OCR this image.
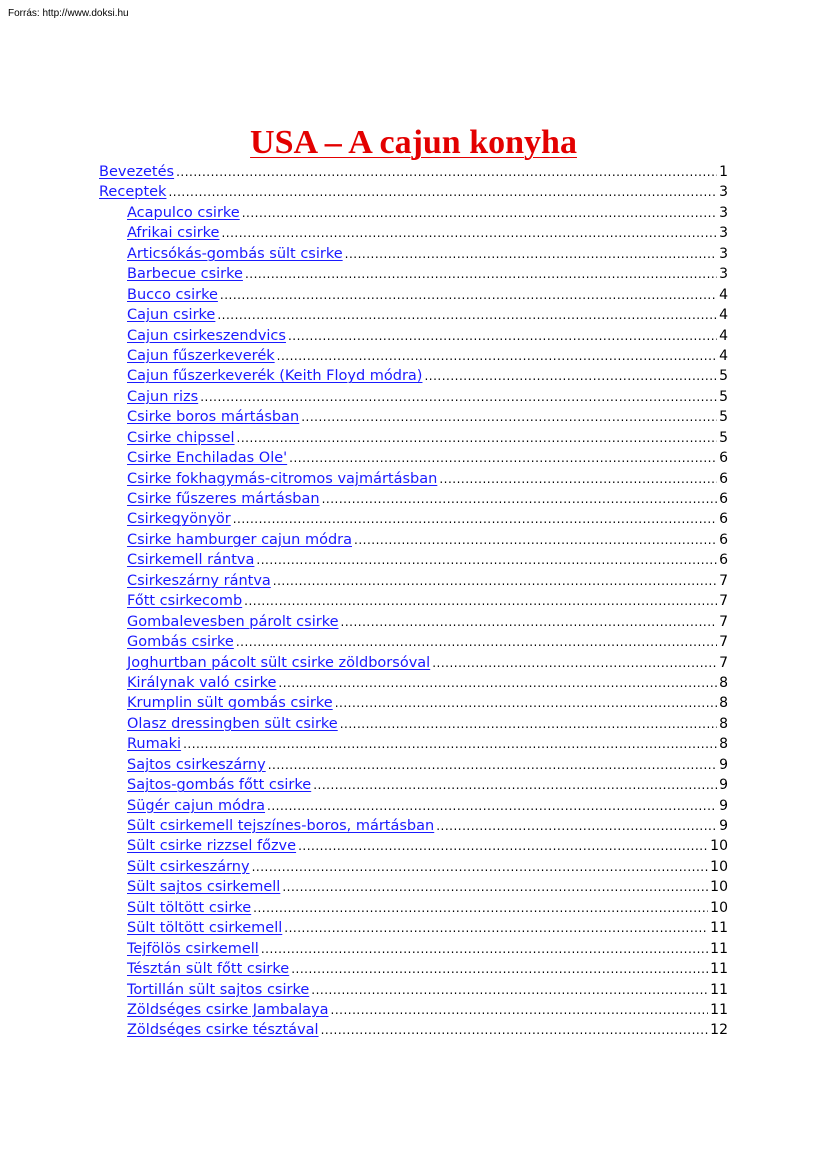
Forrás: http://www.doksi.hu
USA – A cajun konyha
Bevezetés .....	1
Receptek .....	3
Acapulco csirke .....	3
Afrikai csirke .....	3
Articsókás-gombás sült csirke .....	3
Barbecue csirke .....	3
Bucco csirke .....	4
Cajun csirke .....	4
Cajun csirkeszendvics .....	4
Cajun fűszerkeverék .....	4
Cajun fűszerkeverék (Keith Floyd módra) .....	5
Cajun rizs .....	5
Csirke boros mártásban .....	5
Csirke chipssel .....	5
Csirke Enchiladas Ole' .....	6
Csirke fokhagymás-citromos vajmártásban .....	6
Csirke fűszeres mártásban .....	6
Csirkegyönyör .....	6
Csirke hamburger cajun módra .....	6
Csirkemell rántva .....	6
Csirkeszárny rántva .....	7
Főtt csirkecomb .....	7
Gombalevesben párolt csirke .....	7
Gombás csirke .....	7
Joghurtban pácolt sült csirke zöldborsóval .....	7
Királynak való csirke .....	8
Krumplin sült gombás csirke .....	8
Olasz dressingben sült csirke .....	8
Rumaki .....	8
Sajtos csirkeszárny .....	9
Sajtos-gombás főtt csirke .....	9
Sügér cajun módra .....	9
Sült csirkemell tejszínes-boros, mártásban .....	9
Sült csirke rizzsel főzve .....	10
Sült csirkeszárny .....	10
Sült sajtos csirkemell .....	10
Sült töltött csirke .....	10
Sült töltött csirkemell .....	11
Tejfölös csirkemell .....	11
Tésztán sült főtt csirke .....	11
Tortillán sült sajtos csirke .....	11
Zöldséges csirke Jambalaya .....	11
Zöldséges csirke tésztával .....	12
